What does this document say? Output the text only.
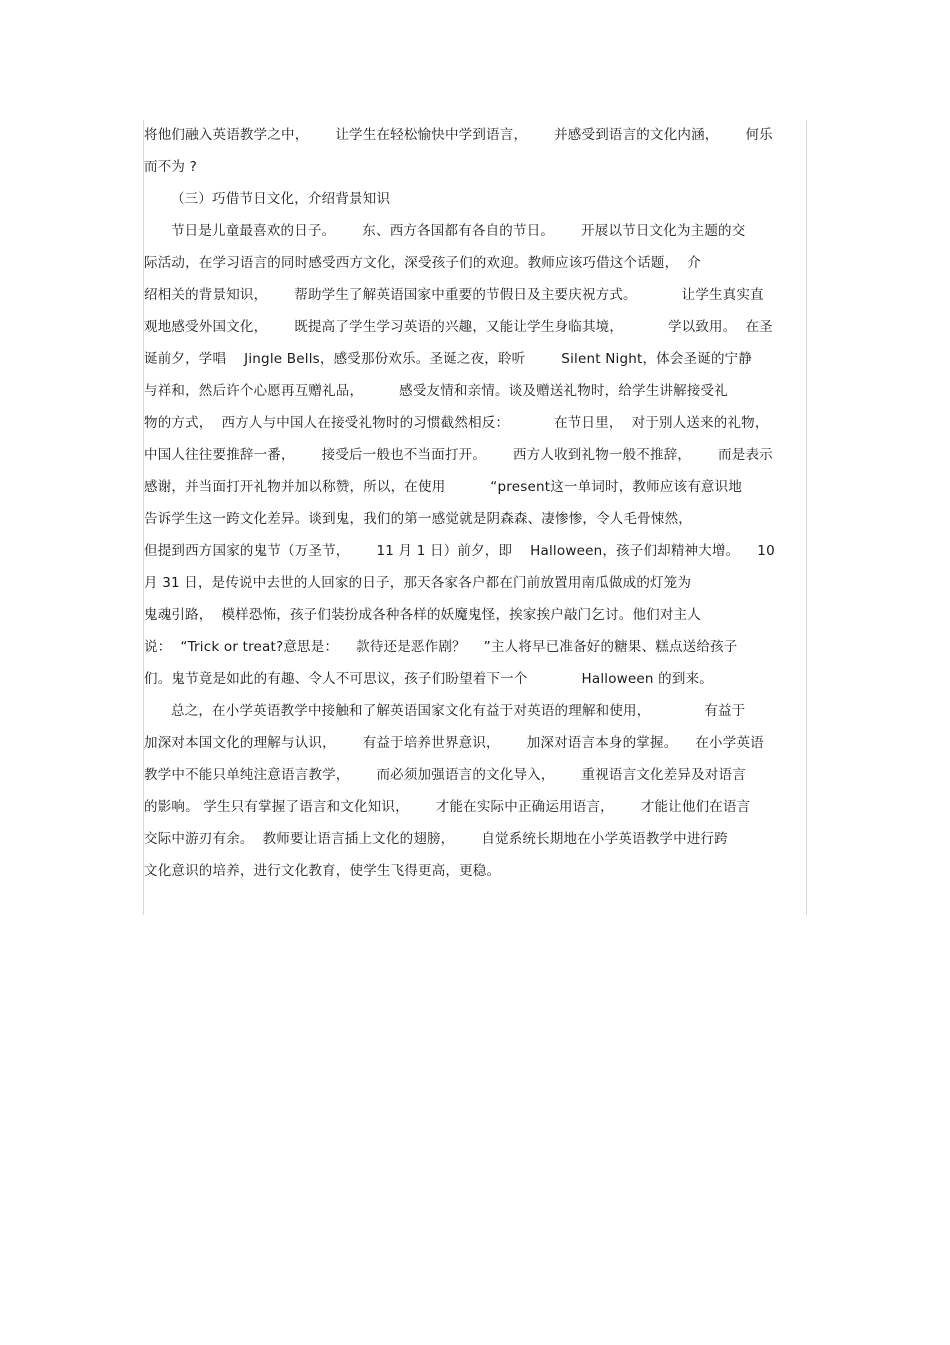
将他们融入英语教学之中，      让学生在轻松愉快中学到语言，      并感受到语言的文化内涵，      何乐
而不为 ?
（三）巧借节日文化，介绍背景知识
节日是儿童最喜欢的日子。      东、西方各国都有各自的节日。      开展以节日文化为主题的交
际活动，在学习语言的同时感受西方文化，深受孩子们的欢迎。教师应该巧借这个话题，  介
绍相关的背景知识，      帮助学生了解英语国家中重要的节假日及主要庆祝方式。          让学生真实直
观地感受外国文化，      既提高了学生学习英语的兴趣，又能让学生身临其境，          学以致用。  在圣
诞前夕，学唱    Jingle Bells，感受那份欢乐。圣诞之夜，聆听        Silent Night，体会圣诞的宁静
与祥和，然后许个心愿再互赠礼品，        感受友情和亲情。谈及赠送礼物时，给学生讲解接受礼
物的方式，  西方人与中国人在接受礼物时的习惯截然相反：          在节日里，  对于别人送来的礼物，
中国人往往要推辞一番，      接受后一般也不当面打开。      西方人收到礼物一般不推辞，      而是表示
感谢，并当面打开礼物并加以称赞，所以，在使用          “present这一单词时，教师应该有意识地
告诉学生这一跨文化差异。谈到鬼，我们的第一感觉就是阴森森、凄惨惨，令人毛骨悚然，
但提到西方国家的鬼节（万圣节，      11 月 1 日）前夕，即    Halloween，孩子们却精神大增。    10
月 31 日，是传说中去世的人回家的日子，那天各家各户都在门前放置用南瓜做成的灯笼为
鬼魂引路，  模样恐怖，孩子们装扮成各种各样的妖魔鬼怪，挨家挨户敲门乞讨。他们对主人
说：  “Trick or treat?意思是：    款待还是恶作剧？    ”主人将早已准备好的糖果、糕点送给孩子
们。鬼节竟是如此的有趣、令人不可思议，孩子们盼望着下一个            Halloween 的到来。
总之，在小学英语教学中接触和了解英语国家文化有益于对英语的理解和使用，            有益于
加深对本国文化的理解与认识，      有益于培养世界意识，      加深对语言本身的掌握。    在小学英语
教学中不能只单纯注意语言教学，      而必须加强语言的文化导入，      重视语言文化差异及对语言
的影响。 学生只有掌握了语言和文化知识，      才能在实际中正确运用语言，      才能让他们在语言
交际中游刃有余。  教师要让语言插上文化的翅膀，      自觉系统长期地在小学英语教学中进行跨
文化意识的培养，进行文化教育，使学生飞得更高，更稳。
